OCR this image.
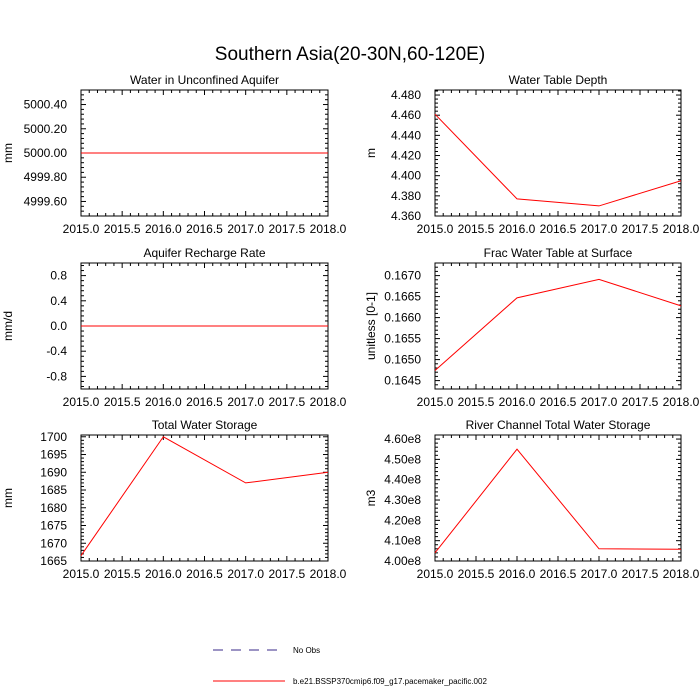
Southern Asia(20-30N,60-120E)
Water in Unconfined Aquifer
2015.0 2015.5 2016.0 2016.5 2017.0 2017.5 2018.0
4999.60
4999.80
5000.00
5000.20
5000.40
mm
Water Table Depth
2015.0 2015.5 2016.0 2016.5 2017.0 2017.5 2018.0
4.360
4.380
4.400
4.420
4.440
4.460
4.480
m
Aquifer Recharge Rate
2015.0 2015.5 2016.0 2016.5 2017.0 2017.5 2018.0
-0.8
-0.4
0.0
0.4
0.8
mm/d
Frac Water Table at Surface
2015.0 2015.5 2016.0 2016.5 2017.0 2017.5 2018.0
0.1645
0.1650
0.1655
0.1660
0.1665
0.1670
unitless [0-1]
Total Water Storage
2015.0 2015.5 2016.0 2016.5 2017.0 2017.5 2018.0
1665
1670
1675
1680
1685
1690
1695
1700
mm
River Channel Total Water Storage
2015.0 2015.5 2016.0 2016.5 2017.0 2017.5 2018.0
4.00e8
4.10e8
4.20e8
4.30e8
4.40e8
4.50e8
4.60e8
m3
No Obs
b.e21.BSSP370cmip6.f09_g17.pacemaker_pacific.002
